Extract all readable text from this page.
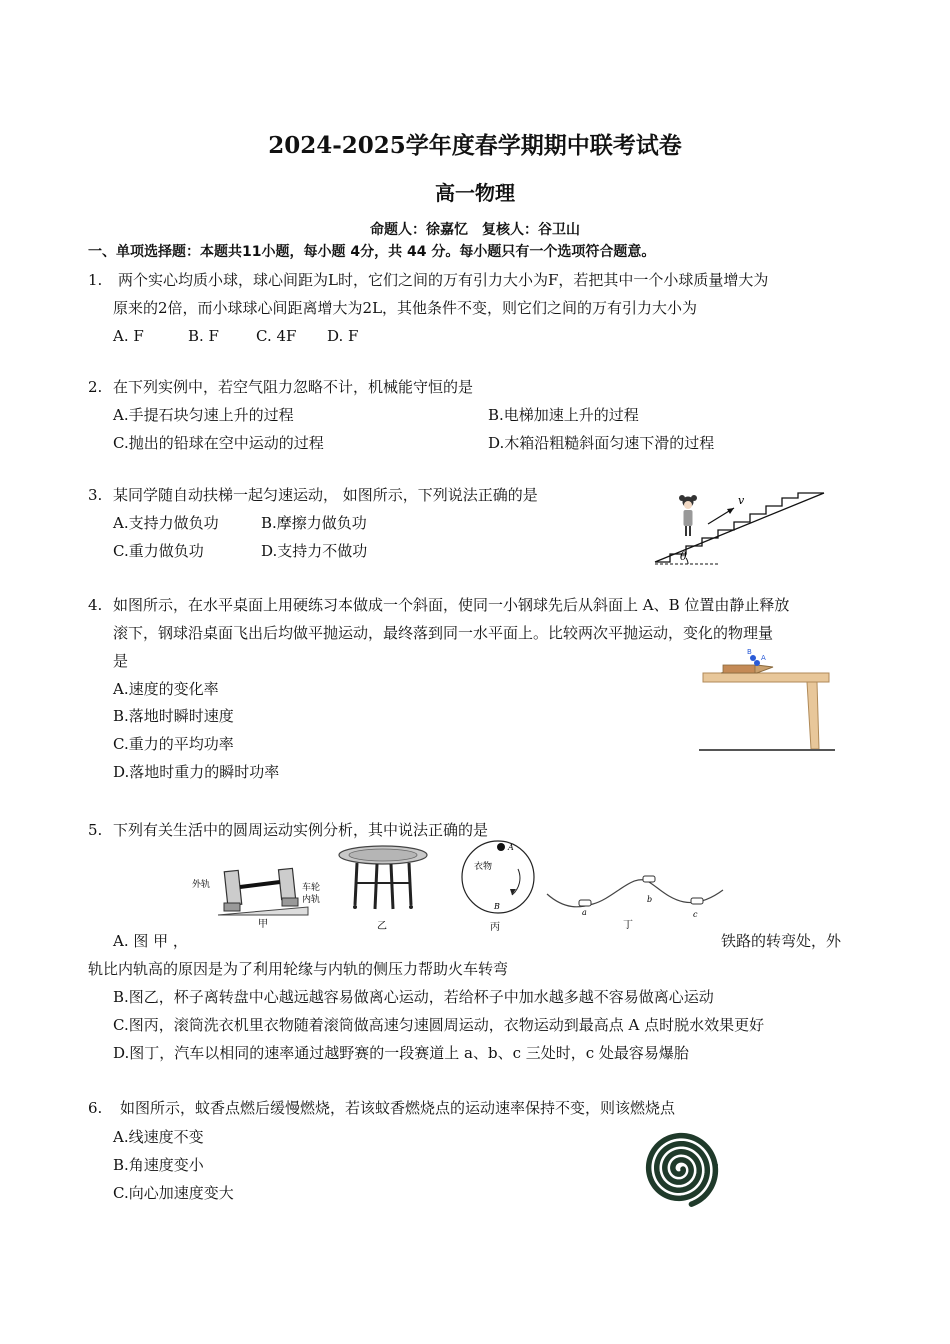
2024-2025学年度春学期期中联考试卷
高一物理
命题人：徐嘉忆　复核人：谷卫山
一、单项选择题：本题共11小题，每小题 4分，共 44 分。每小题只有一个选项符合题意。
1. 两个实心均质小球，球心间距为L时，它们之间的万有引力大小为F，若把其中一个小球质量增大为
原来的2倍，而小球球心间距离增大为2L，其他条件不变，则它们之间的万有引力大小为
A. F	B. F C. 4F D. F
2. 在下列实例中，若空气阻力忽略不计，机械能守恒的是
A.手提石块匀速上升的过程	B.电梯加速上升的过程
C.抛出的铅球在空中运动的过程	D.木箱沿粗糙斜面匀速下滑的过程
3. 某同学随自动扶梯一起匀速运动， 如图所示，下列说法正确的是
A.支持力做负功	B.摩擦力做负功
C.重力做负功	D.支持力不做功	θ
v
4. 如图所示，在水平桌面上用硬练习本做成一个斜面，使同一小钢球先后从斜面上 A、B 位置由静止释放
滚下，钢球沿桌面飞出后均做平抛运动，最终落到同一水平面上。比较两次平抛运动，变化的物理量
是
A.速度的变化率
B.落地时瞬时速度
C.重力的平均功率
D.落地时重力的瞬时功率
B
A
5. 下列有关生活中的圆周运动实例分析，其中说法正确的是
外轨	车轮
内轨
甲	乙
A
衣物
B
丙
a
b
c
丁
A. 图 甲 ，	铁路的转弯处，外
轨比内轨高的原因是为了利用轮缘与内轨的侧压力帮助火车转弯
B.图乙，杯子离转盘中心越远越容易做离心运动，若给杯子中加水越多越不容易做离心运动
C.图丙，滚筒洗衣机里衣物随着滚筒做高速匀速圆周运动，衣物运动到最高点 A 点时脱水效果更好
D.图丁，汽车以相同的速率通过越野赛的一段赛道上 a、b、c 三处时，c 处最容易爆胎
6. 如图所示，蚊香点燃后缓慢燃烧，若该蚊香燃烧点的运动速率保持不变，则该燃烧点
A.线速度不变
B.角速度变小
C.向心加速度变大
